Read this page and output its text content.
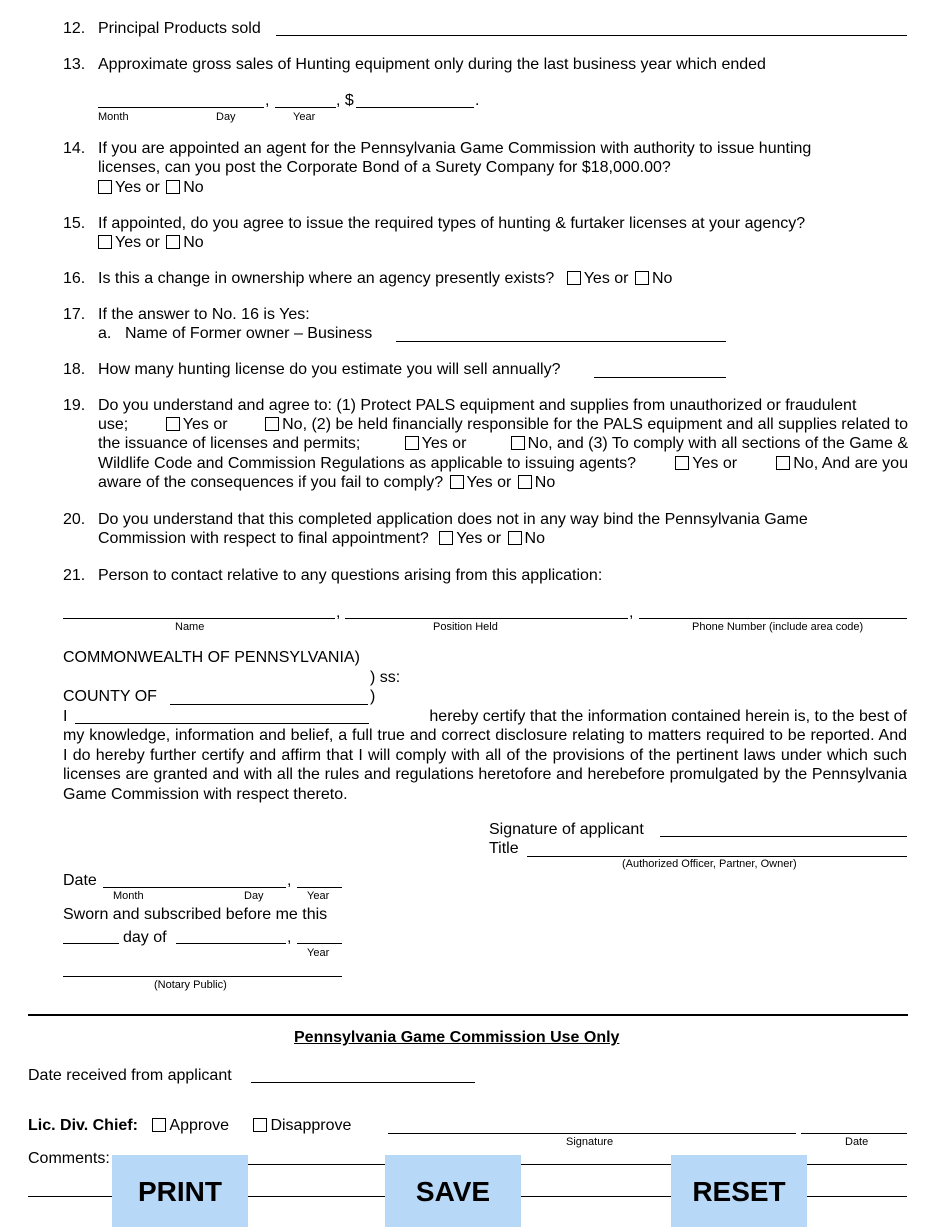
12. Principal Products sold
13. Approximate gross sales of Hunting equipment only during the last business year which ended
,	, $	.
Month	Day	Year
14. If you are appointed an agent for the Pennsylvania Game Commission with authority to issue hunting
licenses, can you post the Corporate Bond of a Surety Company for $18,000.00?
Yes or No
15. If appointed, do you agree to issue the required types of hunting & furtaker licenses at your agency?
Yes or No
16. Is this a change in ownership where an agency presently exists? Yes or No
17. If the answer to No. 16 is Yes:
a. Name of Former owner – Business
18. How many hunting license do you estimate you will sell annually?
19. Do you understand and agree to: (1) Protect PALS equipment and supplies from unauthorized or fraudulent
use;	Yes or	No, (2) be held financially responsible for the PALS equipment and all supplies related to
the issuance of licenses and permits;	Yes or	No, and (3) To comply with all sections of the Game &
Wildlife Code and Commission Regulations as applicable to issuing agents?	Yes or	No, And are you
aware of the consequences if you fail to comply? Yes or No
20. Do you understand that this completed application does not in any way bind the Pennsylvania Game
Commission with respect to final appointment? Yes or No
21. Person to contact relative to any questions arising from this application:
,	,
Name	Position Held	Phone Number (include area code)
COMMONWEALTH OF PENNSYLVANIA)
) ss:
COUNTY OF	)
I	hereby certify that the information contained herein is, to the best of
my knowledge, information and belief, a full true and correct disclosure relating to matters required to be reported. And I do hereby further certify and affirm that I will comply with all of the provisions of the pertinent laws under which such licenses are granted and with all the rules and regulations heretofore and herebefore promulgated by the Pennsylvania Game Commission with respect thereto.
Signature of applicant
Title
(Authorized Officer, Partner, Owner)
Date	,
Month	Day	Year
Sworn and subscribed before me this
day of	,
Year
(Notary Public)
Pennsylvania Game Commission Use Only
Date received from applicant
Lic. Div. Chief: Approve	Disapprove
Signature	Date
Comments:
PRINT	SAVE	RESET
